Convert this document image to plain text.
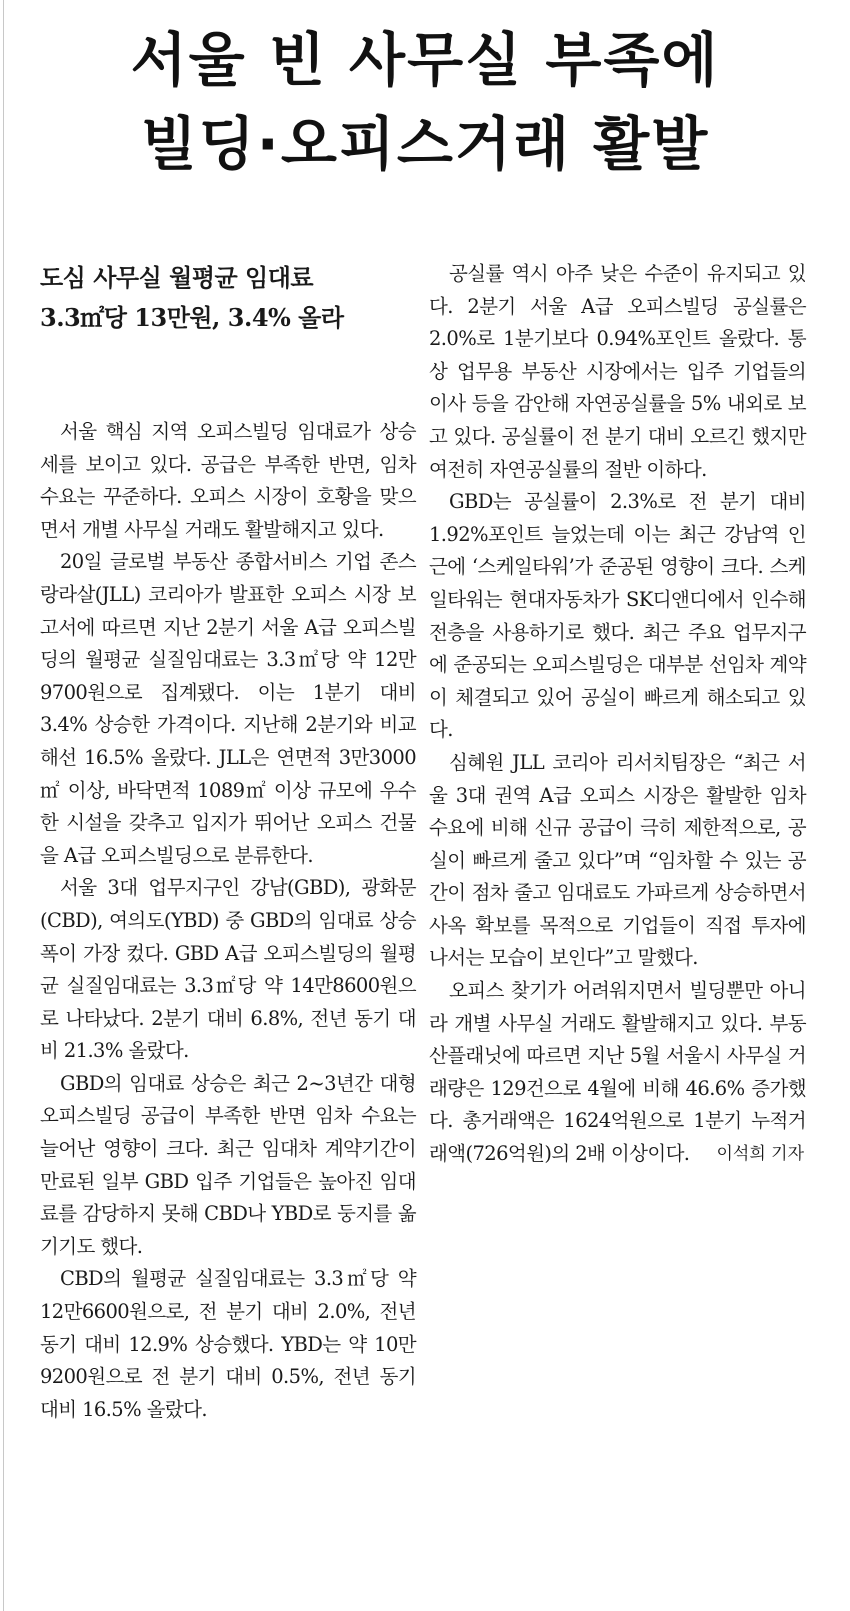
서울 빈 사무실 부족에
빌딩·오피스거래 활발
도심 사무실 월평균 임대료
3.3㎡당 13만원, 3.4% 올라

서울 핵심 지역 오피스빌딩 임대료가 상승세를 보이고 있다. 공급은 부족한 반면, 임차 수요는 꾸준하다. 오피스 시장이 호황을 맞으면서 개별 사무실 거래도 활발해지고 있다.

20일 글로벌 부동산 종합서비스 기업 존스랑라살(JLL) 코리아가 발표한 오피스 시장 보고서에 따르면 지난 2분기 서울 A급 오피스빌딩의 월평균 실질임대료는 3.3㎡당 약 12만9700원으로 집계됐다. 이는 1분기 대비 3.4% 상승한 가격이다. 지난해 2분기와 비교해선 16.5% 올랐다. JLL은 연면적 3만3000㎡ 이상, 바닥면적 1089㎡ 이상 규모에 우수한 시설을 갖추고 입지가 뛰어난 오피스 건물을 A급 오피스빌딩으로 분류한다.

서울 3대 업무지구인 강남(GBD), 광화문(CBD), 여의도(YBD) 중 GBD의 임대료 상승폭이 가장 컸다. GBD A급 오피스빌딩의 월평균 실질임대료는 3.3㎡당 약 14만8600원으로 나타났다. 2분기 대비 6.8%, 전년 동기 대비 21.3% 올랐다.

GBD의 임대료 상승은 최근 2~3년간 대형 오피스빌딩 공급이 부족한 반면 임차 수요는 늘어난 영향이 크다. 최근 임대차 계약기간이 만료된 일부 GBD 입주 기업들은 높아진 임대료를 감당하지 못해 CBD나 YBD로 둥지를 옮기기도 했다.

CBD의 월평균 실질임대료는 3.3㎡당 약 12만6600원으로, 전 분기 대비 2.0%, 전년 동기 대비 12.9% 상승했다. YBD는 약 10만9200원으로 전 분기 대비 0.5%, 전년 동기 대비 16.5% 올랐다.

공실률 역시 아주 낮은 수준이 유지되고 있다. 2분기 서울 A급 오피스빌딩 공실률은 2.0%로 1분기보다 0.94%포인트 올랐다. 통상 업무용 부동산 시장에서는 입주 기업들의 이사 등을 감안해 자연공실률을 5% 내외로 보고 있다. 공실률이 전 분기 대비 오르긴 했지만 여전히 자연공실률의 절반 이하다.

GBD는 공실률이 2.3%로 전 분기 대비 1.92%포인트 늘었는데 이는 최근 강남역 인근에 ‘스케일타워’가 준공된 영향이 크다. 스케일타워는 현대자동차가 SK디앤디에서 인수해 전층을 사용하기로 했다. 최근 주요 업무지구에 준공되는 오피스빌딩은 대부분 선임차 계약이 체결되고 있어 공실이 빠르게 해소되고 있다.

심혜원 JLL 코리아 리서치팀장은 “최근 서울 3대 권역 A급 오피스 시장은 활발한 임차 수요에 비해 신규 공급이 극히 제한적으로, 공실이 빠르게 줄고 있다”며 “임차할 수 있는 공간이 점차 줄고 임대료도 가파르게 상승하면서 사옥 확보를 목적으로 기업들이 직접 투자에 나서는 모습이 보인다”고 말했다.

오피스 찾기가 어려워지면서 빌딩뿐만 아니라 개별 사무실 거래도 활발해지고 있다. 부동산플래닛에 따르면 지난 5월 서울시 사무실 거래량은 129건으로 4월에 비해 46.6% 증가했다. 총거래액은 1624억원으로 1분기 누적거래액(726억원)의 2배 이상이다.	이석희 기자
